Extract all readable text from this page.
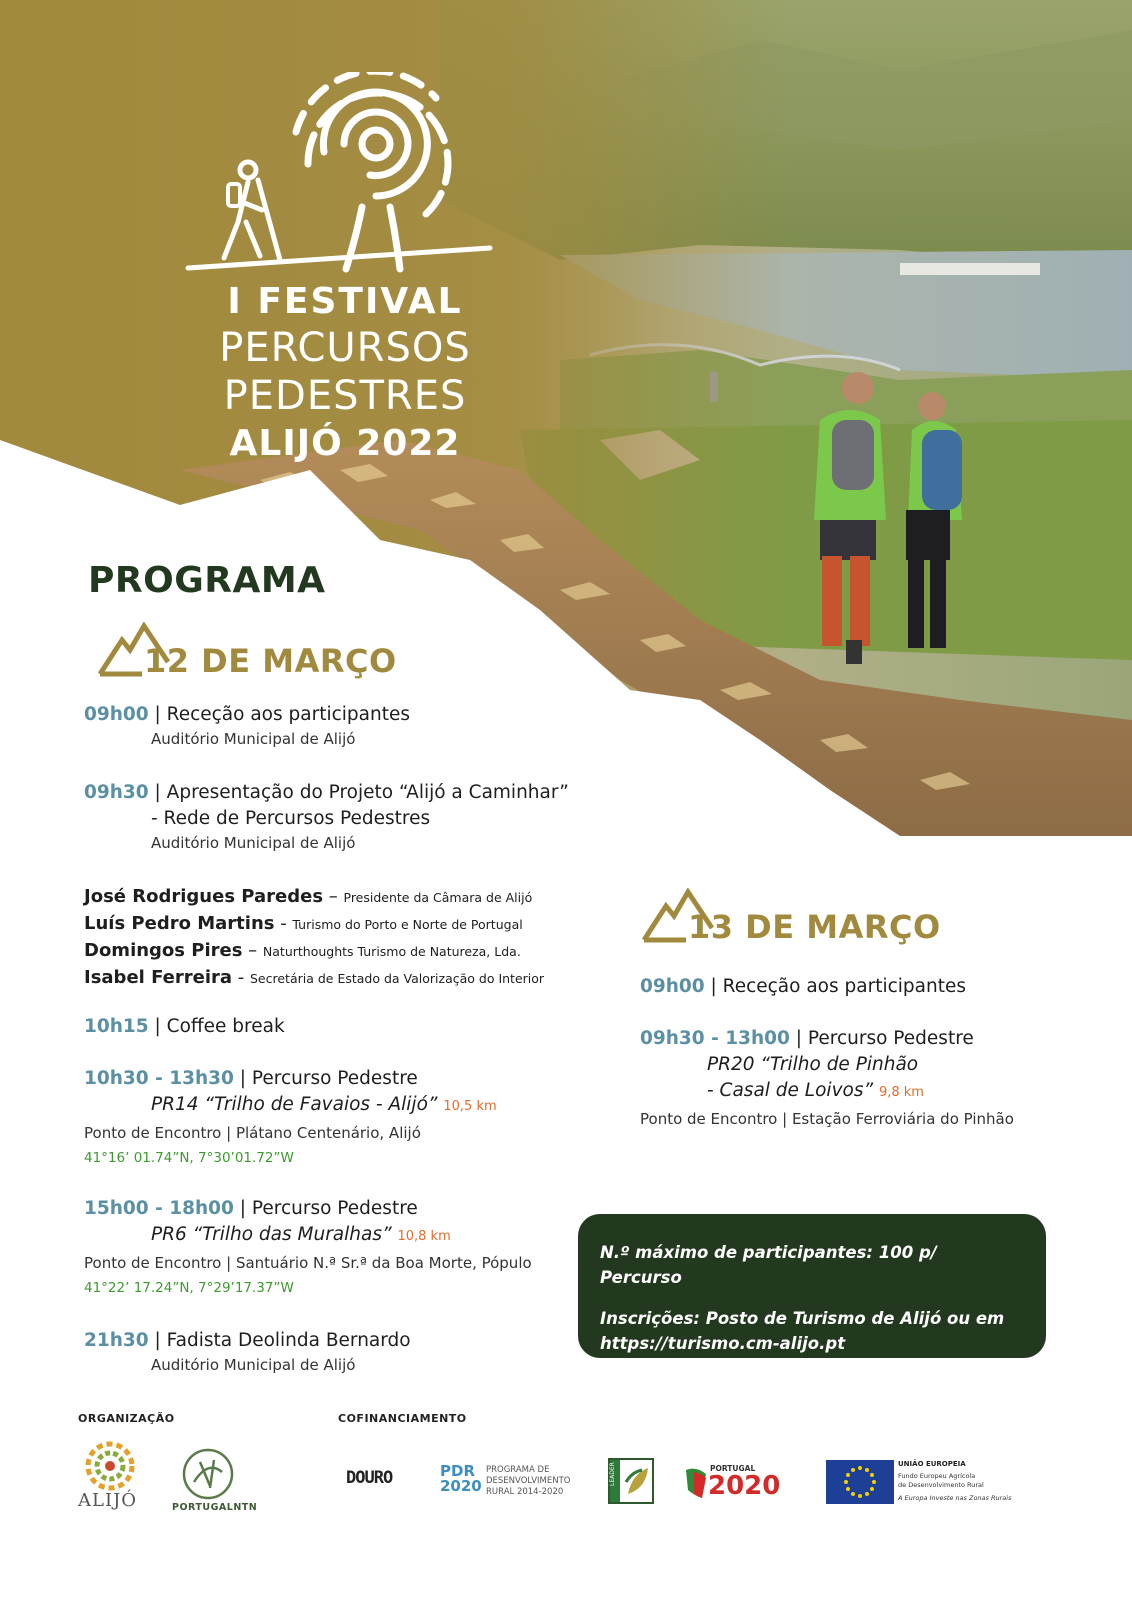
I FESTIVAL
PERCURSOS PEDESTRES
ALIJÓ 2022
PROGRAMA
12 DE MARÇO
09h00 | Receção aos participantes
Auditório Municipal de Alijó
09h30 | Apresentação do Projeto “Alijó a Caminhar”
- Rede de Percursos Pedestres
Auditório Municipal de Alijó
José Rodrigues Paredes – Presidente da Câmara de Alijó
Luís Pedro Martins - Turismo do Porto e Norte de Portugal
Domingos Pires – Naturthoughts Turismo de Natureza, Lda.
Isabel Ferreira - Secretária de Estado da Valorização do Interior
10h15 | Coffee break
10h30 - 13h30 | Percurso Pedestre
PR14 “Trilho de Favaios - Alijó” 10,5 km
Ponto de Encontro | Plátano Centenário, Alijó
41°16’ 01.74”N, 7°30’01.72”W
15h00 - 18h00 | Percurso Pedestre
PR6 “Trilho das Muralhas” 10,8 km
Ponto de Encontro | Santuário N.ª Sr.ª da Boa Morte, Pópulo
41°22’ 17.24”N, 7°29’17.37”W
21h30 | Fadista Deolinda Bernardo
Auditório Municipal de Alijó
13 DE MARÇO
09h00 | Receção aos participantes
09h30 - 13h00 | Percurso Pedestre
PR20 “Trilho de Pinhão
- Casal de Loivos” 9,8 km
Ponto de Encontro | Estação Ferroviária do Pinhão

N.º máximo de participantes: 100 p/ Percurso

Inscrições: Posto de Turismo de Alijó ou em

https://turismo.cm-alijo.pt

ORGANIZAÇÃO	COFINANCIAMENTO
ALIJÓ	PORTUGALNTN
DOURO	PDR
2020
PROGRAMA DE
DESENVOLVIMENTO
RURAL 2014-2020
LEADER	PORTUGAL
2020
UNIÃO EUROPEIA
Fundo Europeu Agrícola
de Desenvolvimento Rural
A Europa Investe nas Zonas Rurais
